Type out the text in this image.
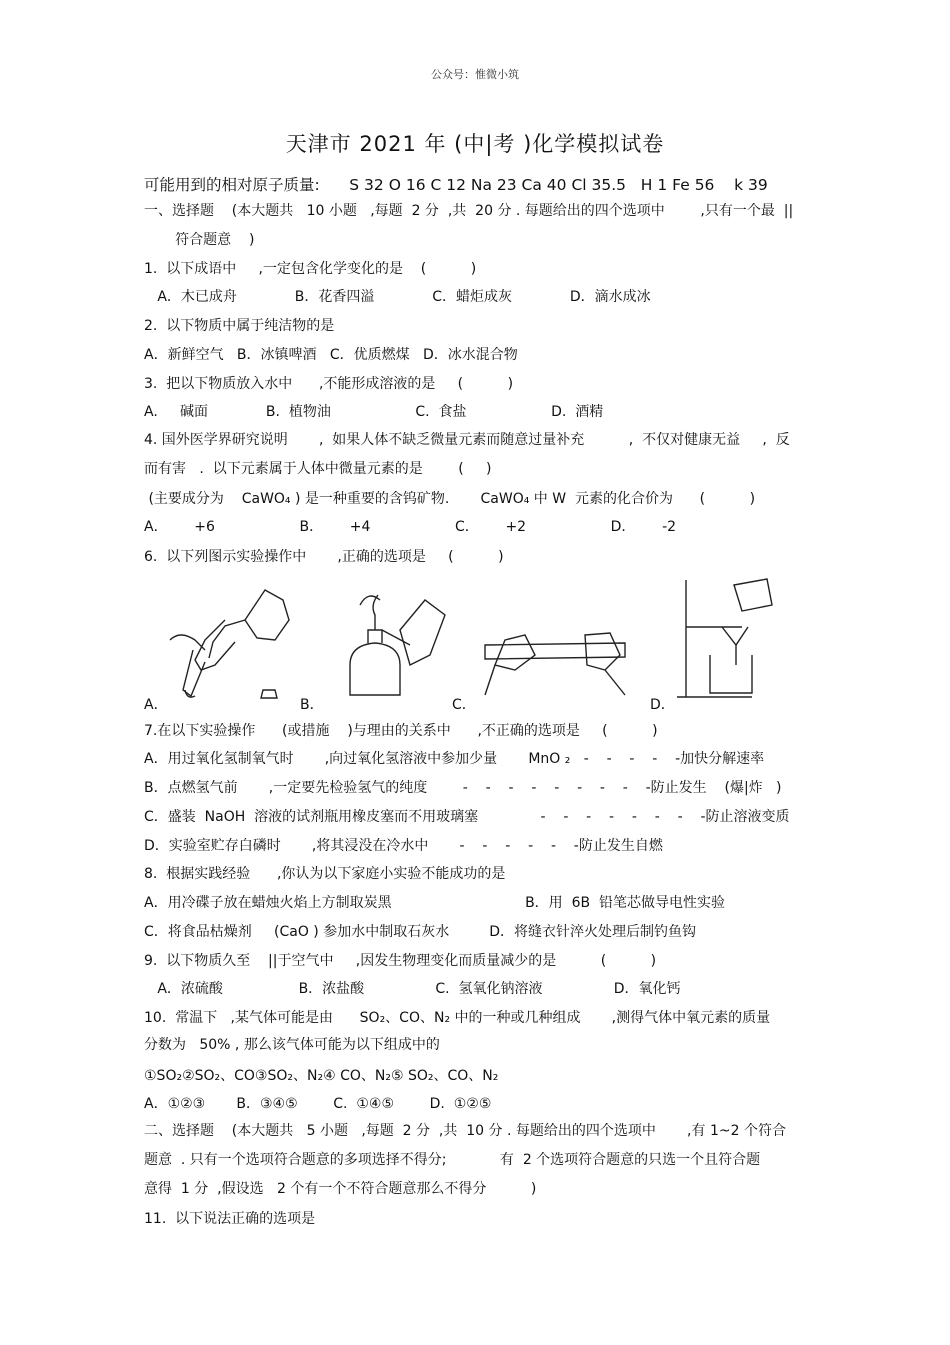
公众号：惟微小筑
天津市 2021 年 (中|考 )化学模拟试卷
可能用到的相对原子质量:      S 32 O 16 C 12 Na 23 Ca 40 Cl 35.5   H 1 Fe 56    k 39
一、选择题    (本大题共   10 小题   ,每题  2 分  ,共  20 分 . 每题给出的四个选项中        ,只有一个最  ||
符合题意    )
1.  以下成语中     ,一定包含化学变化的是    (          )
A．木已成舟             B．花香四溢             C．蜡炬成灰             D．滴水成冰
2.  以下物质中属于纯洁物的是
A．新鲜空气   B．冰镇啤酒   C．优质燃煤   D．冰水混合物
3.  把以下物质放入水中      ,不能形成溶液的是     (          )
A.     碱面             B.  植物油                   C.  食盐                   D.  酒精
4. 国外医学界研究说明       ,  如果人体不缺乏微量元素而随意过量补充          ,  不仅对健康无益     ,  反
而有害   .  以下元素属于人体中微量元素的是        (     )
(主要成分为    CaWO₄ ) 是一种重要的含钨矿物.       CaWO₄ 中 W  元素的化合价为      (          )
A．      +6                   B．      +4                   C．      +2                   D．      -2
6.  以下列图示实验操作中       ,正确的选项是     (          )
A．	B．	C．	D．
7.在以下实验操作      (或措施    )与理由的关系中      ,不正确的选项是     (          )
A．用过氧化氢制氧气时       ,向过氧化氢溶液中参加少量       MnO ₂   -    -    -    -    -加快分解速率
B．点燃氢气前       ,一定要先检验氢气的纯度        -    -    -    -    -    -    -    -    -防止发生    (爆|炸   )
C．盛装  NaOH  溶液的试剂瓶用橡皮塞而不用玻璃塞              -    -    -    -    -    -    -    -防止溶液变质
D．实验室贮存白磷时       ,将其浸没在冷水中       -    -    -    -    -    -防止发生自燃
8.  根据实践经验      ,你认为以下家庭小实验不能成功的是
A．用冷碟子放在蜡烛火焰上方制取炭黑                              B．用  6B  铅笔芯做导电性实验
C．将食品枯燥剂     (CaO ) 参加水中制取石灰水         D．将缝衣针淬火处理后制钓鱼钩
9.  以下物质久至    ||于空气中     ,因发生物理变化而质量减少的是          (          )
A．浓硫酸                 B．浓盐酸                C.  氢氧化钠溶液                D．氧化钙
10.  常温下   ,某气体可能是由      SO₂、CO、N₂ 中的一种或几种组成       ,测得气体中氧元素的质量
分数为   50% , 那么该气体可能为以下组成中的
①SO₂②SO₂、CO③SO₂、N₂④ CO、N₂⑤ SO₂、CO、N₂
A．①②③       B．③④⑤        C.  ①④⑤        D.  ①②⑤
二、选择题    (本大题共   5 小题   ,每题  2 分  ,共  10 分 . 每题给出的四个选项中       ,有 1~2 个符合
题意  . 只有一个选项符合题意的多项选择不得分;            有  2 个选项符合题意的只选一个且符合题
意得  1 分  ,假设选   2 个有一个不符合题意那么不得分          )
11.  以下说法正确的选项是
